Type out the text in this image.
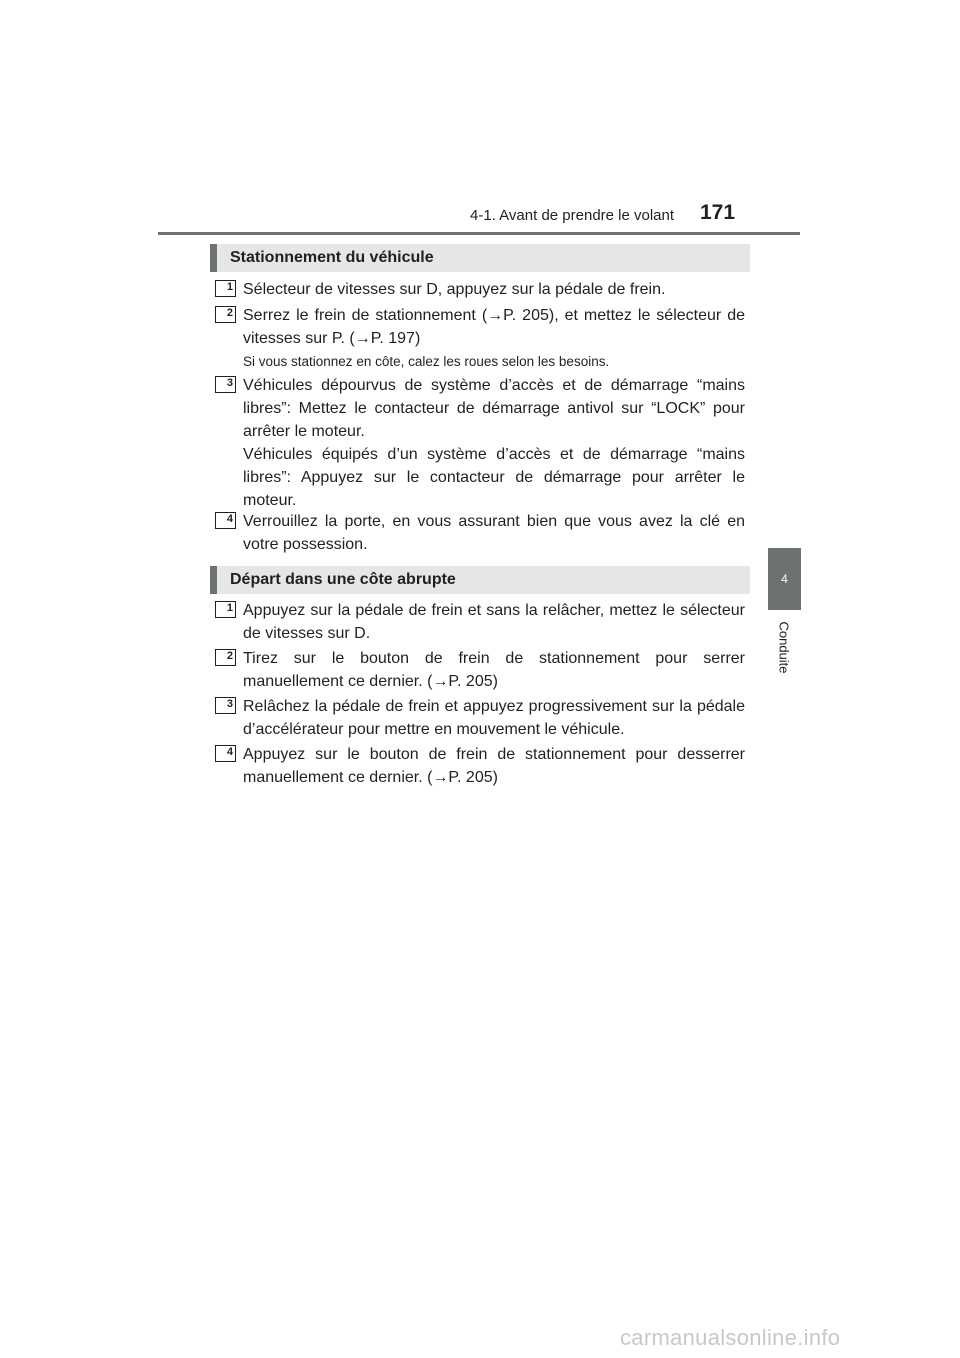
4-1. Avant de prendre le volant 171
4
Conduite
Stationnement du véhicule
1 Sélecteur de vitesses sur D, appuyez sur la pédale de frein.
2 Serrez le frein de stationnement (→P. 205), et mettez le sélecteur de vitesses sur P. (→P. 197)
Si vous stationnez en côte, calez les roues selon les besoins.
3 Véhicules dépourvus de système d’accès et de démarrage “mains libres”: Mettez le contacteur de démarrage antivol sur “LOCK” pour arrêter le moteur.
Véhicules équipés d’un système d’accès et de démarrage “mains libres”: Appuyez sur le contacteur de démarrage pour arrêter le moteur.
4 Verrouillez la porte, en vous assurant bien que vous avez la clé en votre possession.
Départ dans une côte abrupte
1 Appuyez sur la pédale de frein et sans la relâcher, mettez le sélecteur de vitesses sur D.
2 Tirez sur le bouton de frein de stationnement pour serrer manuellement ce dernier. (→P. 205)
3 Relâchez la pédale de frein et appuyez progressivement sur la pédale d’accélérateur pour mettre en mouvement le véhicule.
4 Appuyez sur le bouton de frein de stationnement pour desserrer manuellement ce dernier. (→P. 205)
carmanualsonline.info
